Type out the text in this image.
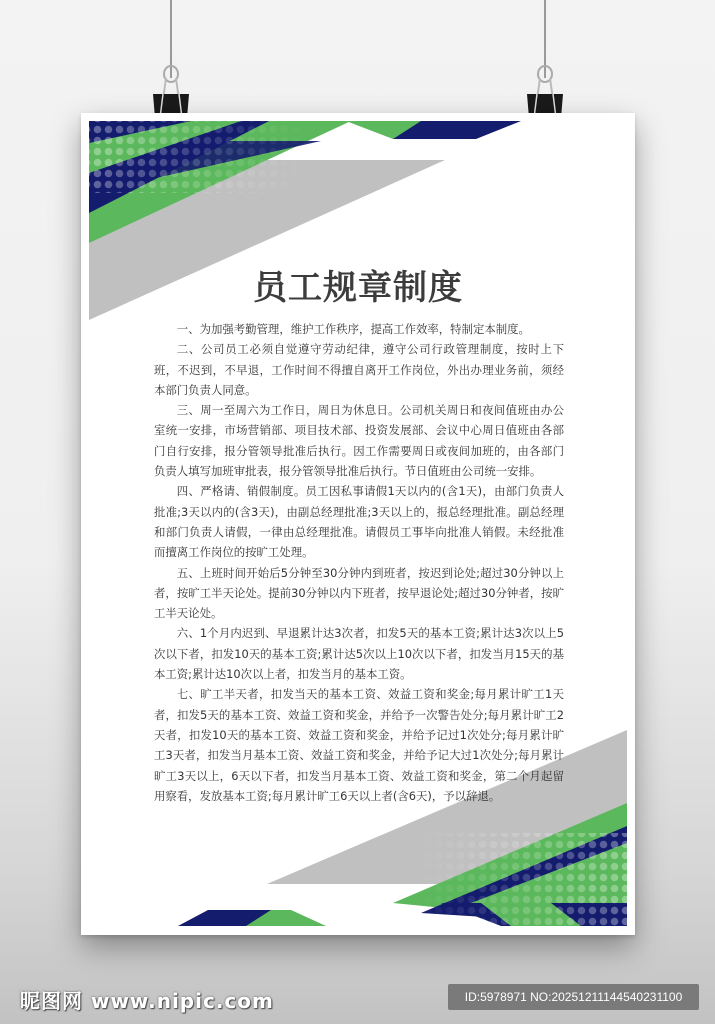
员工规章制度

一、为加强考勤管理，维护工作秩序，提高工作效率，特制定本制度。

二、公司员工必须自觉遵守劳动纪律，遵守公司行政管理制度，按时上下班，不迟到，不早退，工作时间不得擅自离开工作岗位，外出办理业务前，须经本部门负责人同意。

三、周一至周六为工作日，周日为休息日。公司机关周日和夜间值班由办公室统一安排，市场营销部、项目技术部、投资发展部、会议中心周日值班由各部门自行安排，报分管领导批准后执行。因工作需要周日或夜间加班的，由各部门负责人填写加班审批表，报分管领导批准后执行。节日值班由公司统一安排。

四、严格请、销假制度。员工因私事请假1天以内的(含1天)，由部门负责人批准;3天以内的(含3天)，由副总经理批准;3天以上的，报总经理批准。副总经理和部门负责人请假，一律由总经理批准。请假员工事毕向批准人销假。未经批准而擅离工作岗位的按旷工处理。

五、上班时间开始后5分钟至30分钟内到班者，按迟到论处;超过30分钟以上者，按旷工半天论处。提前30分钟以内下班者，按早退论处;超过30分钟者，按旷工半天论处。

六、1个月内迟到、早退累计达3次者，扣发5天的基本工资;累计达3次以上5次以下者，扣发10天的基本工资;累计达5次以上10次以下者，扣发当月15天的基本工资;累计达10次以上者，扣发当月的基本工资。

七、旷工半天者，扣发当天的基本工资、效益工资和奖金;每月累计旷工1天者，扣发5天的基本工资、效益工资和奖金，并给予一次警告处分;每月累计旷工2天者，扣发10天的基本工资、效益工资和奖金，并给予记过1次处分;每月累计旷工3天者，扣发当月基本工资、效益工资和奖金，并给予记大过1次处分;每月累计旷工3天以上，6天以下者，扣发当月基本工资、效益工资和奖金，第二个月起留用察看，发放基本工资;每月累计旷工6天以上者(含6天)，予以辞退。

昵图网 www.nipic.com	ID:5978971 NO:20251211144540231100
